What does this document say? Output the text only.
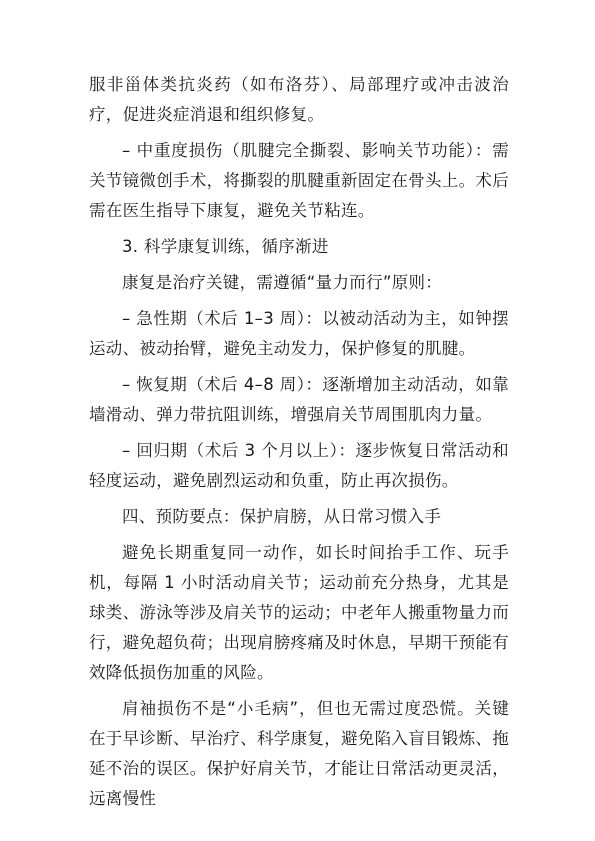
服非甾体类抗炎药（如布洛芬）、局部理疗或冲击波治疗，促进炎症消退和组织修复。

– 中重度损伤（肌腱完全撕裂、影响关节功能）：需关节镜微创手术，将撕裂的肌腱重新固定在骨头上。术后需在医生指导下康复，避免关节粘连。

3. 科学康复训练，循序渐进

康复是治疗关键，需遵循“量力而行”原则：

– 急性期（术后 1–3 周）：以被动活动为主，如钟摆运动、被动抬臂，避免主动发力，保护修复的肌腱。

– 恢复期（术后 4–8 周）：逐渐增加主动活动，如靠墙滑动、弹力带抗阻训练，增强肩关节周围肌肉力量。

– 回归期（术后 3 个月以上）：逐步恢复日常活动和轻度运动，避免剧烈运动和负重，防止再次损伤。

四、预防要点：保护肩膀，从日常习惯入手

避免长期重复同一动作，如长时间抬手工作、玩手机，每隔 1 小时活动肩关节；运动前充分热身，尤其是球类、游泳等涉及肩关节的运动；中老年人搬重物量力而行，避免超负荷；出现肩膀疼痛及时休息，早期干预能有效降低损伤加重的风险。

肩袖损伤不是“小毛病”，但也无需过度恐慌。关键在于早诊断、早治疗、科学康复，避免陷入盲目锻炼、拖延不治的误区。保护好肩关节，才能让日常活动更灵活，远离慢性
